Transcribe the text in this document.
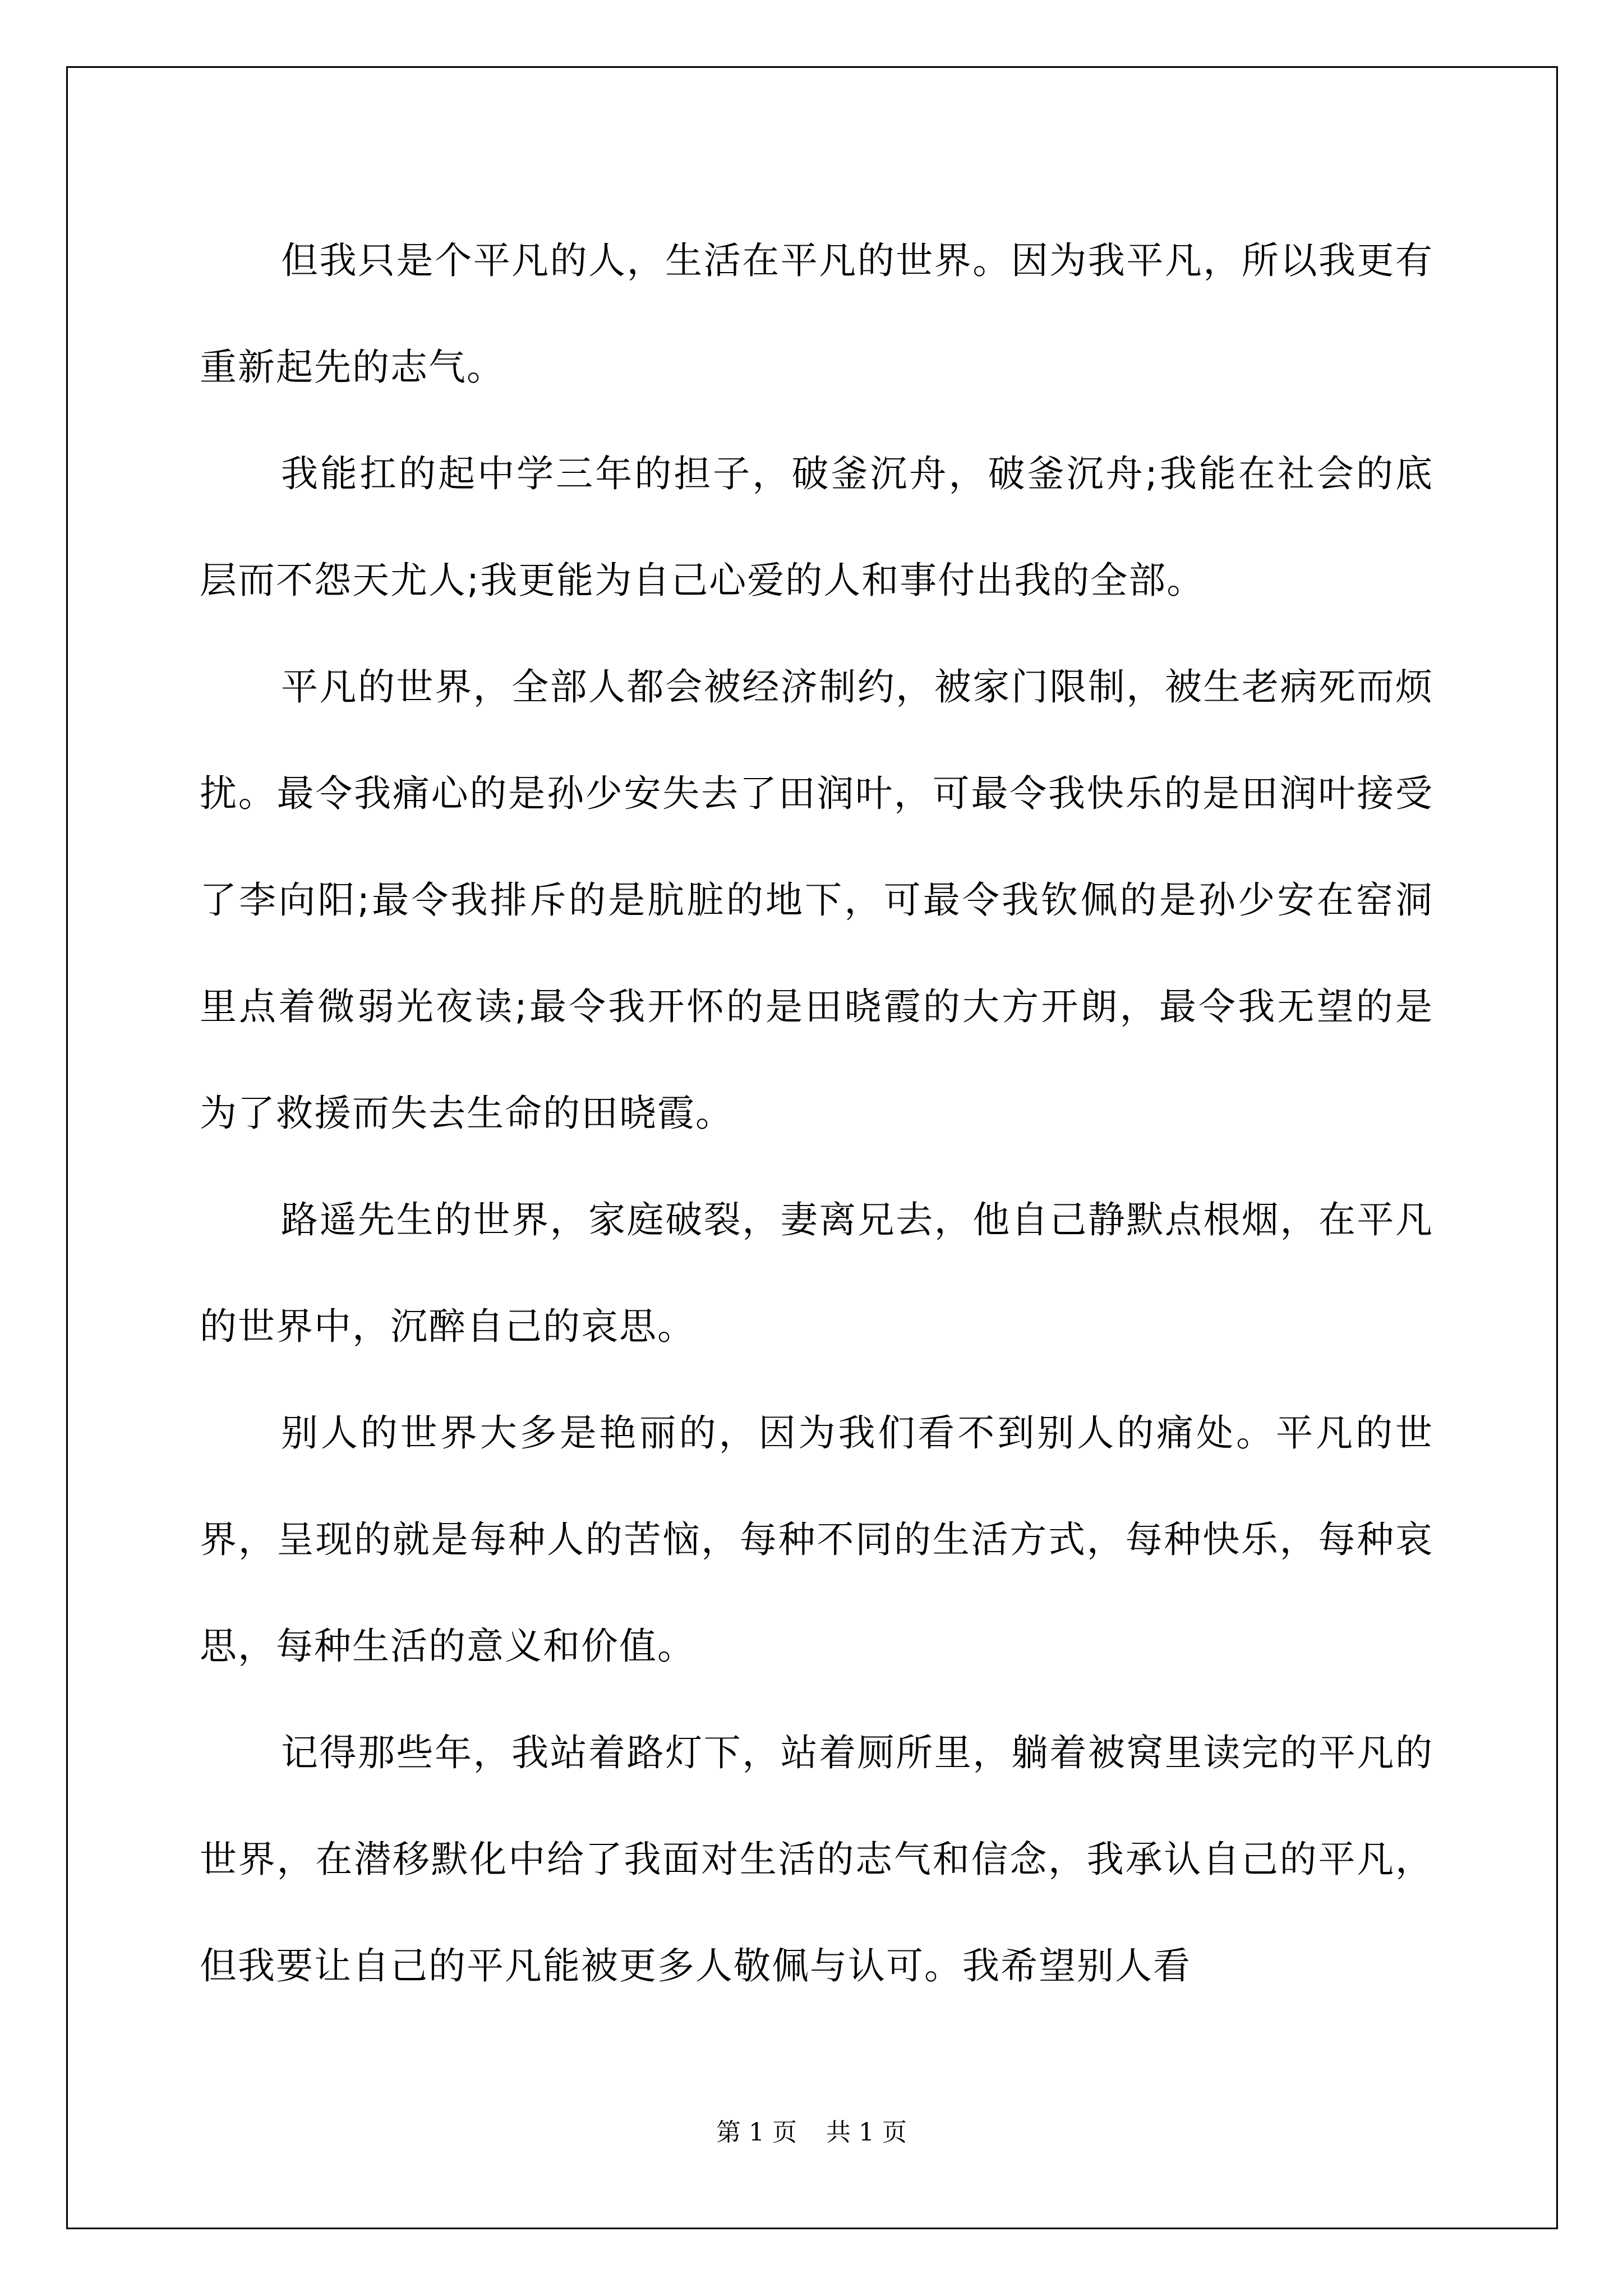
但我只是个平凡的人，生活在平凡的世界。因为我平凡，所以我更有重新起先的志气。

我能扛的起中学三年的担子，破釜沉舟，破釜沉舟;我能在社会的底层而不怨天尤人;我更能为自己心爱的人和事付出我的全部。

平凡的世界，全部人都会被经济制约，被家门限制，被生老病死而烦扰。最令我痛心的是孙少安失去了田润叶，可最令我快乐的是田润叶接受了李向阳;最令我排斥的是肮脏的地下，可最令我钦佩的是孙少安在窑洞里点着微弱光夜读;最令我开怀的是田晓霞的大方开朗，最令我无望的是为了救援而失去生命的田晓霞。

路遥先生的世界，家庭破裂，妻离兄去，他自己静默点根烟，在平凡的世界中，沉醉自己的哀思。

别人的世界大多是艳丽的，因为我们看不到别人的痛处。平凡的世界，呈现的就是每种人的苦恼，每种不同的生活方式，每种快乐，每种哀思，每种生活的意义和价值。

记得那些年，我站着路灯下，站着厕所里，躺着被窝里读完的平凡的世界，在潜移默化中给了我面对生活的志气和信念，我承认自己的平凡，但我要让自己的平凡能被更多人敬佩与认可。我希望别人看

第 1 页 共 1 页
